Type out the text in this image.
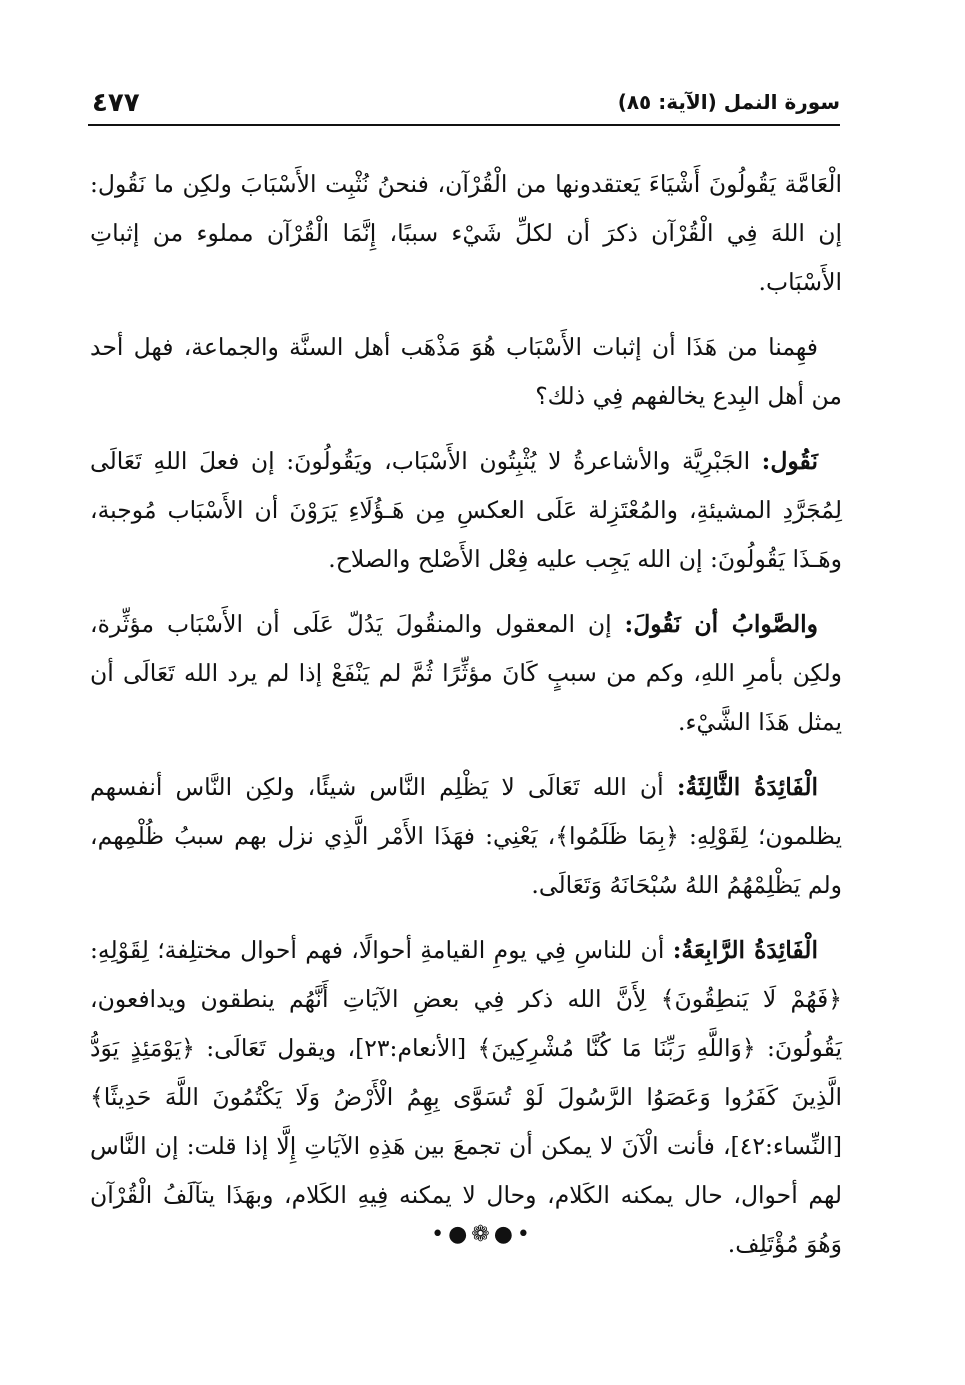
٤٧٧	سورة النمل (الآية: ٨٥)

الْعَامَّة يَقُولُونَ أَشْيَاءَ يَعتقدونها من الْقُرْآن، فنحنُ نُثْبِت الأَسْبَابَ ولكِن ما نَقُول: إن اللهَ فِي الْقُرْآن ذكرَ أن لكلِّ شَيْء سببًا، إِنَّمَا الْقُرْآن مملوء من إثباتِ الأَسْبَاب.

فهِمنا من هَذَا أن إثبات الأَسْبَاب هُوَ مَذْهَب أهل السنَّة والجماعة، فهل أحد من أهل البِدع يخالفهم فِي ذلك؟

نَقُول: الجَبْرِيَّة والأشاعرةُ لا يُثْبِتُون الأَسْبَاب، ويَقُولُونَ: إن فعلَ اللهِ تَعَالَى لِمُجَرَّدِ المشيئةِ، والمُعْتَزِلة عَلَى العكسِ مِن هَـؤُلَاءِ يَرَوْنَ أن الأَسْبَاب مُوجبة، وهَـذَا يَقُولُونَ: إن الله يَجِب عليه فِعْل الأَصْلح والصلاح.

والصَّوابُ أن نَقُولَ: إن المعقول والمنقُولَ يَدُلّ عَلَى أن الأَسْبَاب مؤثِّرة، ولكِن بأمرِ اللهِ، وكم من سببٍ كَانَ مؤثِّرًا ثُمَّ لم يَنْفَعْ إذا لم يرد الله تَعَالَى أن يمثل هَذَا الشَّيْء.

الْفَائِدَةُ الثَّالِثَةُ: أن الله تَعَالَى لا يَظْلِم النَّاس شيئًا، ولكِن النَّاس أنفسهم يظلمون؛ لِقَوْلِهِ: ﴿بِمَا ظَلَمُوا﴾، يَعْنِي: فهَذَا الأَمْر الَّذِي نزل بهم سببُ ظُلْمِهم، ولم يَظْلِمْهُمُ اللهُ سُبْحَانَهُ وَتَعَالَى.

الْفَائِدَةُ الرَّابِعَةُ: أن للناسِ فِي يومِ القيامةِ أحوالًا، فهم أحوال مختلِفة؛ لِقَوْلِهِ: ﴿فَهُمْ لَا يَنطِقُونَ﴾ لِأَنَّ الله ذكر فِي بعضِ الآيَاتِ أَنَّهُم ينطقون ويدافعون، يَقُولُونَ: ﴿وَاللَّهِ رَبِّنَا مَا كُنَّا مُشْرِكِينَ﴾ [الأنعام:٢٣]، ويقول تَعَالَى: ﴿يَوْمَئِذٍ يَوَدُّ الَّذِينَ كَفَرُوا وَعَصَوُا الرَّسُولَ لَوْ تُسَوَّى بِهِمُ الْأَرْضُ وَلَا يَكْتُمُونَ اللَّهَ حَدِيثًا﴾ [النِّساء:٤٢]، فأنت الْآنَ لا يمكن أن تجمعَ بين هَذِهِ الآيَاتِ إِلَّا إذا قلت: إن النَّاس لهم أحوال، حال يمكنه الكَلام، وحال لا يمكنه فِيهِ الكَلام، وبهَذَا يتآلَفُ الْقُرْآن وَهُوَ مُؤْتَلِف.

•●❁●•
